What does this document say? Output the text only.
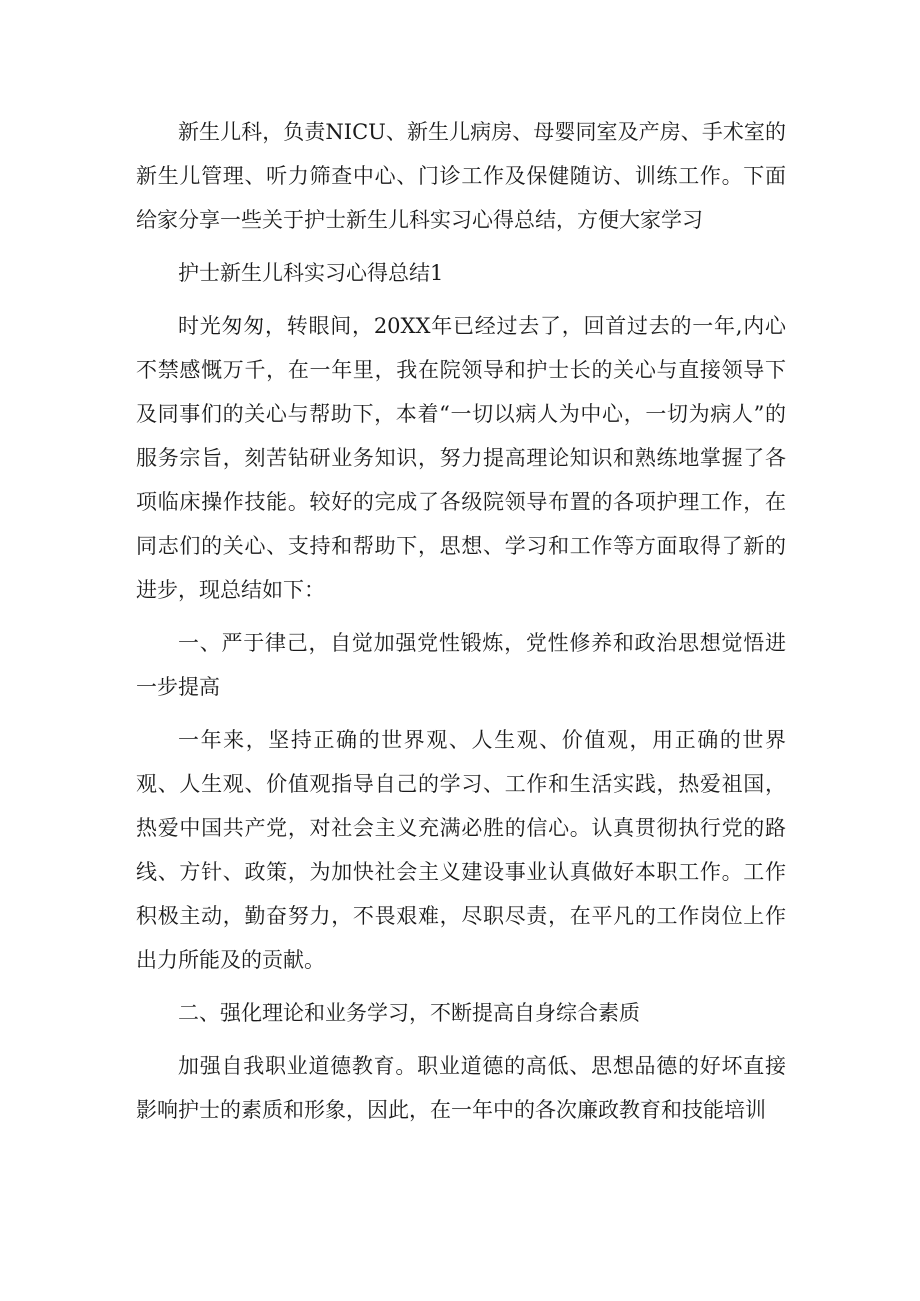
新生儿科，负责NICU、新生儿病房、母婴同室及产房、手术室的新生儿管理、听力筛查中心、门诊工作及保健随访、训练工作。下面给家分享一些关于护士新生儿科实习心得总结，方便大家学习

护士新生儿科实习心得总结1

时光匆匆，转眼间，20XX年已经过去了，回首过去的一年,内心不禁感慨万千，在一年里，我在院领导和护士长的关心与直接领导下及同事们的关心与帮助下，本着“一切以病人为中心，一切为病人”的服务宗旨，刻苦钻研业务知识，努力提高理论知识和熟练地掌握了各项临床操作技能。较好的完成了各级院领导布置的各项护理工作，在同志们的关心、支持和帮助下，思想、学习和工作等方面取得了新的进步，现总结如下：

一、严于律己，自觉加强党性锻炼，党性修养和政治思想觉悟进一步提高

一年来，坚持正确的世界观、人生观、价值观，用正确的世界观、人生观、价值观指导自己的学习、工作和生活实践，热爱祖国，热爱中国共产党，对社会主义充满必胜的信心。认真贯彻执行党的路线、方针、政策，为加快社会主义建设事业认真做好本职工作。工作积极主动，勤奋努力，不畏艰难，尽职尽责，在平凡的工作岗位上作出力所能及的贡献。

二、强化理论和业务学习，不断提高自身综合素质

加强自我职业道德教育。职业道德的高低、思想品德的好坏直接影响护士的素质和形象，因此，在一年中的各次廉政教育和技能培训
